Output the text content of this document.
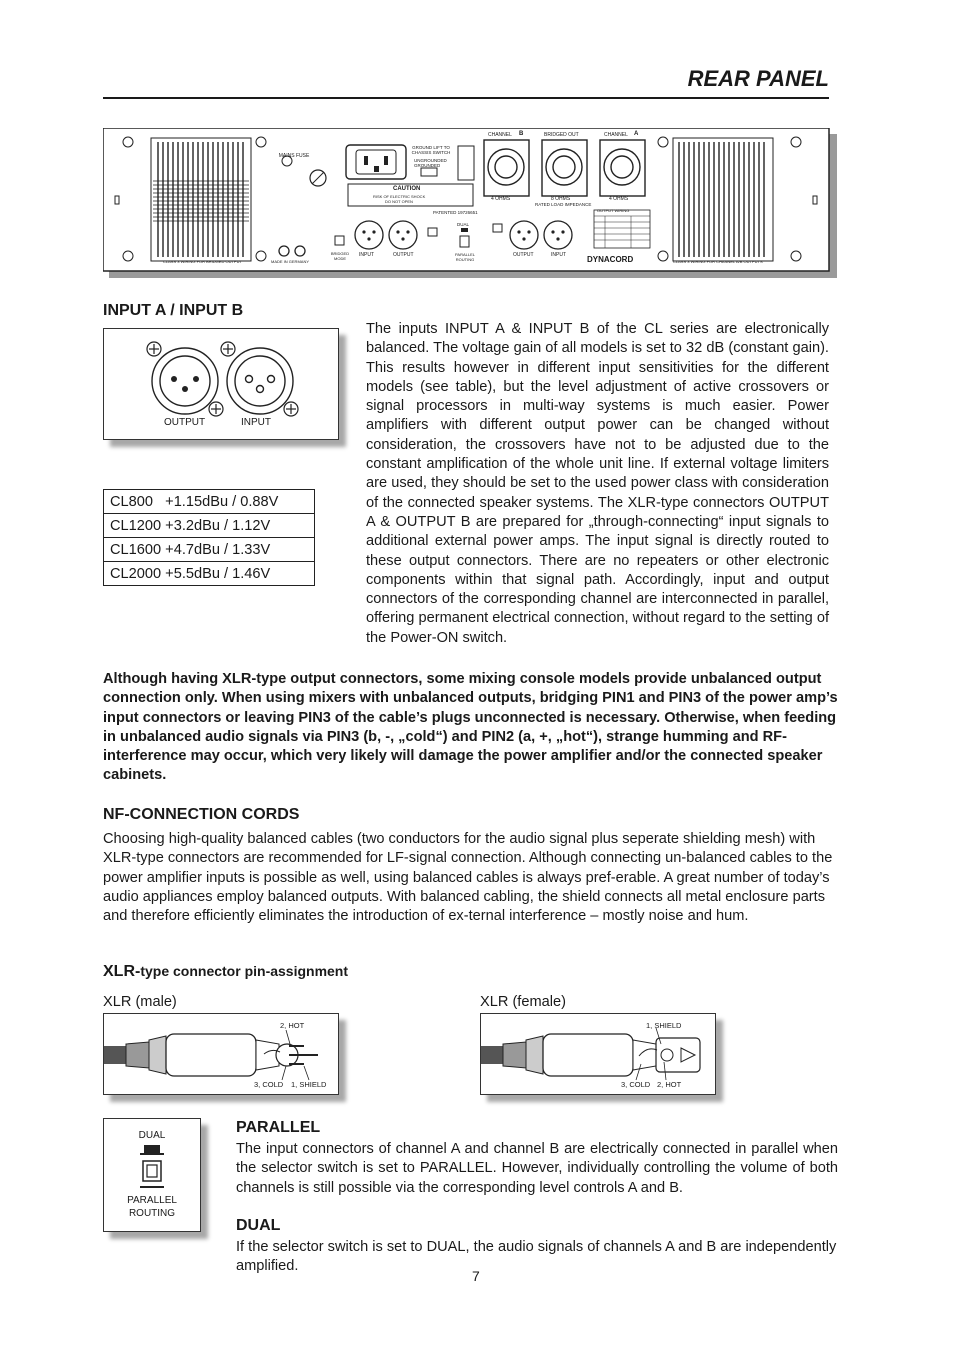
REAR PANEL
MAINS FUSE
GROUND LIFT TO CHASSIS SWITCH
UNGROUNDED
GROUNDED
CHANNEL B	BRIDGED OUT	CHANNEL A
4 OHMS	8 OHMS
RATED LOAD IMPEDANCE
4 OHMS
CAUTION
RISK OF ELECTRIC SHOCK
DO NOT OPEN
PATENTED 19726651	OUTPUT WIRING
DUAL
BRIDGED MODE
INPUT	OUTPUT	PARALLEL ROUTING
OUTPUT	INPUT
MADE IN GERMANY
CLASS 3 WIRING FOR BRIDGED OUTPUT	CLASS 3 WIRING FOR CHANNEL A/B OUTPUTS
DYNACORD
INPUT A / INPUT B
OUTPUT	INPUT
CL800   +1.15dBu / 0.88V
CL1200 +3.2dBu / 1.12V
CL1600 +4.7dBu / 1.33V
CL2000 +5.5dBu / 1.46V

The inputs INPUT A & INPUT B of the CL series are electronically balanced. The voltage gain of all models is set to 32 dB (constant gain). This results however in different input sensitivities for the different models (see table), but the level adjustment of active crossovers or signal processors in multi-way systems is much easier. Power amplifiers with different output power can be changed without consideration, the crossovers have not to be adjusted due to the constant amplification of the whole unit line. If external voltage limiters are used, they should be set to the used power class with consideration of the connected speaker systems. The XLR-type connectors OUTPUT A & OUTPUT B are prepared for „through-connecting“ input signals to additional external power amps. The input signal is directly routed to these output connectors. There are no repeaters or other electronic components within that signal path. Accordingly, input and output connectors of the corresponding channel are interconnected in parallel, offering permanent electrical connection, without regard to the setting of the Power-ON switch.

Although having XLR-type output connectors, some mixing console models provide unbalanced output connection only. When using mixers with unbalanced outputs, bridging PIN1 and PIN3 of the power amp’s input connectors or leaving PIN3 of the cable’s plugs unconnected is necessary. Otherwise, when feeding in unbalanced audio signals via PIN3 (b, -, „cold“) and PIN2 (a, +, „hot“), strange humming and RF-interference may occur, which very likely will damage the power amplifier and/or the connected speaker cabinets.

NF-CONNECTION CORDS

Choosing high-quality balanced cables (two conductors for the audio signal plus seperate shielding mesh) with XLR-type connectors are recommended for LF-signal connection. Although connecting un-balanced cables to the power amplifier inputs is possible as well, using balanced cables is always pref-erable. A great number of today’s audio appliances employ balanced outputs. With balanced cabling, the shield connects all metal enclosure parts and therefore efficiently eliminates the introduction of ex-ternal interference – mostly noise and hum.

XLR-type connector pin-assignment
XLR (male)	XLR (female)
2, HOT
3, COLD 1, SHIELD
1, SHIELD
3, COLD 2, HOT
DUAL
PARALLEL
ROUTING
PARALLEL

The input connectors of channel A and channel B are electrically connected in parallel when the selector switch is set to PARALLEL. However, individually controlling the volume of both channels is still possible via the corresponding level controls A and B.

DUAL

If the selector switch is set to DUAL, the audio signals of channels A and B are independently amplified.

7
